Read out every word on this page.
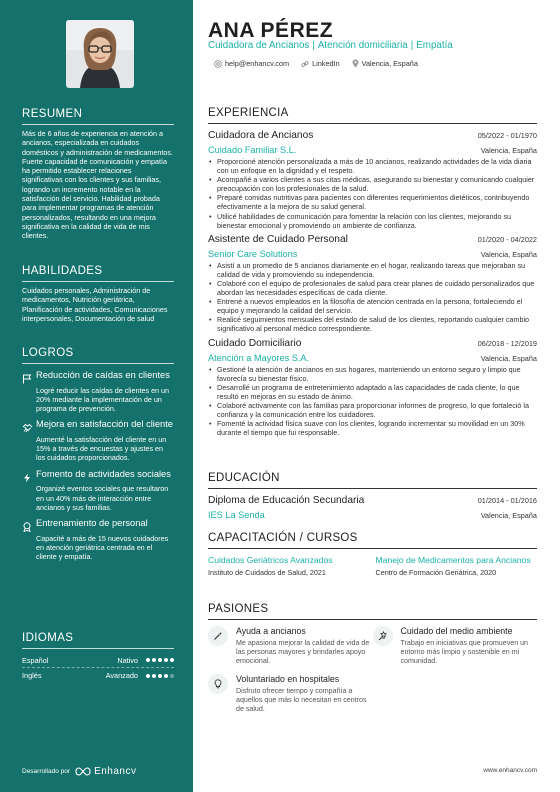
RESUMEN
Más de 6 años de experiencia en atención a ancianos, especializada en cuidados domésticos y administración de medicamentos. Fuerte capacidad de comunicación y empatía ha permitido establecer relaciones significativas con los clientes y sus familias, logrando un incremento notable en la satisfacción del servicio. Habilidad probada para implementar programas de atención personalizados, resultando en una mejora significativa en la calidad de vida de mis clientes.
HABILIDADES
Cuidados personales, Administración de medicamentos, Nutrición geriátrica, Planificación de actividades, Comunicaciones interpersonales, Documentación de salud
LOGROS
Reducción de caídas en clientes
Logré reducir las caídas de clientes en un 20% mediante la implementación de un programa de prevención.
Mejora en satisfacción del cliente
Aumenté la satisfacción del cliente en un 15% a través de encuestas y ajustes en los cuidados proporcionados.
Fomento de actividades sociales
Organizé eventos sociales que resultaron en un 40% más de interacción entre ancianos y sus familias.
Entrenamiento de personal
Capacité a más de 15 nuevos cuidadores en atención geriátrica centrada en el cliente y empatía.
IDIOMAS
Español	Nativo
Inglés	Avanzado
Desarrollado por Enhancv
ANA PÉREZ
Cuidadora de Ancianos | Atención domiciliaria | Empatía
help@enhancv.com	LinkedIn	Valencia, España
EXPERIENCIA
Cuidadora de Ancianos	05/2022 - 01/1970
Cuidado Familiar S.L.	Valencia, España
• Proporcioné atención personalizada a más de 10 ancianos, realizando actividades de la vida diaria con un enfoque en la dignidad y el respeto.
• Acompañé a varios clientes a sus citas médicas, asegurando su bienestar y comunicando cualquier preocupación con los profesionales de la salud.
• Preparé comidas nutritivas para pacientes con diferentes requerimientos dietéticos, contribuyendo efectivamente a la mejora de su salud general.
• Utilicé habilidades de comunicación para fomentar la relación con los clientes, mejorando su bienestar emocional y promoviendo un ambiente de confianza.
Asistente de Cuidado Personal	01/2020 - 04/2022
Senior Care Solutions	Valencia, España
• Asistí a un promedio de 5 ancianos diariamente en el hogar, realizando tareas que mejoraban su calidad de vida y promoviendo su independencia.
• Colaboré con el equipo de profesionales de salud para crear planes de cuidado personalizados que abordan las necesidades específicas de cada cliente.
• Entrené a nuevos empleados en la filosofía de atención centrada en la persona, fortaleciendo el equipo y mejorando la calidad del servicio.
• Realicé seguimientos mensuales del estado de salud de los clientes, reportando cualquier cambio significativo al personal médico correspondiente.
Cuidado Domiciliario	06/2018 - 12/2019
Atención a Mayores S.A.	Valencia, España
• Gestioné la atención de ancianos en sus hogares, manteniendo un entorno seguro y limpio que favorecía su bienestar físico.
• Desarrollé un programa de entretenimiento adaptado a las capacidades de cada cliente, lo que resultó en mejoras en su estado de ánimo.
• Colaboré activamente con las familias para proporcionar informes de progreso, lo que fortaleció la confianza y la comunicación entre los cuidadores.
• Fomenté la actividad física suave con los clientes, logrando incrementar su movilidad en un 30% durante el tiempo que fui responsable.
EDUCACIÓN
Diploma de Educación Secundaria	01/2014 - 01/2016
IES La Senda	Valencia, España
CAPACITACIÓN / CURSOS
Cuidados Geriátricos Avanzados
Instituto de Cuidados de Salud, 2021
Manejo de Medicamentos para Ancianos
Centro de Formación Geriátrica, 2020
PASIONES
Ayuda a ancianos
Me apasiona mejorar la calidad de vida de las personas mayores y brindarles apoyo emocional.
Cuidado del medio ambiente
Trabajo en iniciativas que promueven un entorno más limpio y sostenible en mi comunidad.
Voluntariado en hospitales
Disfruto ofrecer tiempo y compañía a aquellos que más lo necesitan en centros de salud.
www.enhancv.com
